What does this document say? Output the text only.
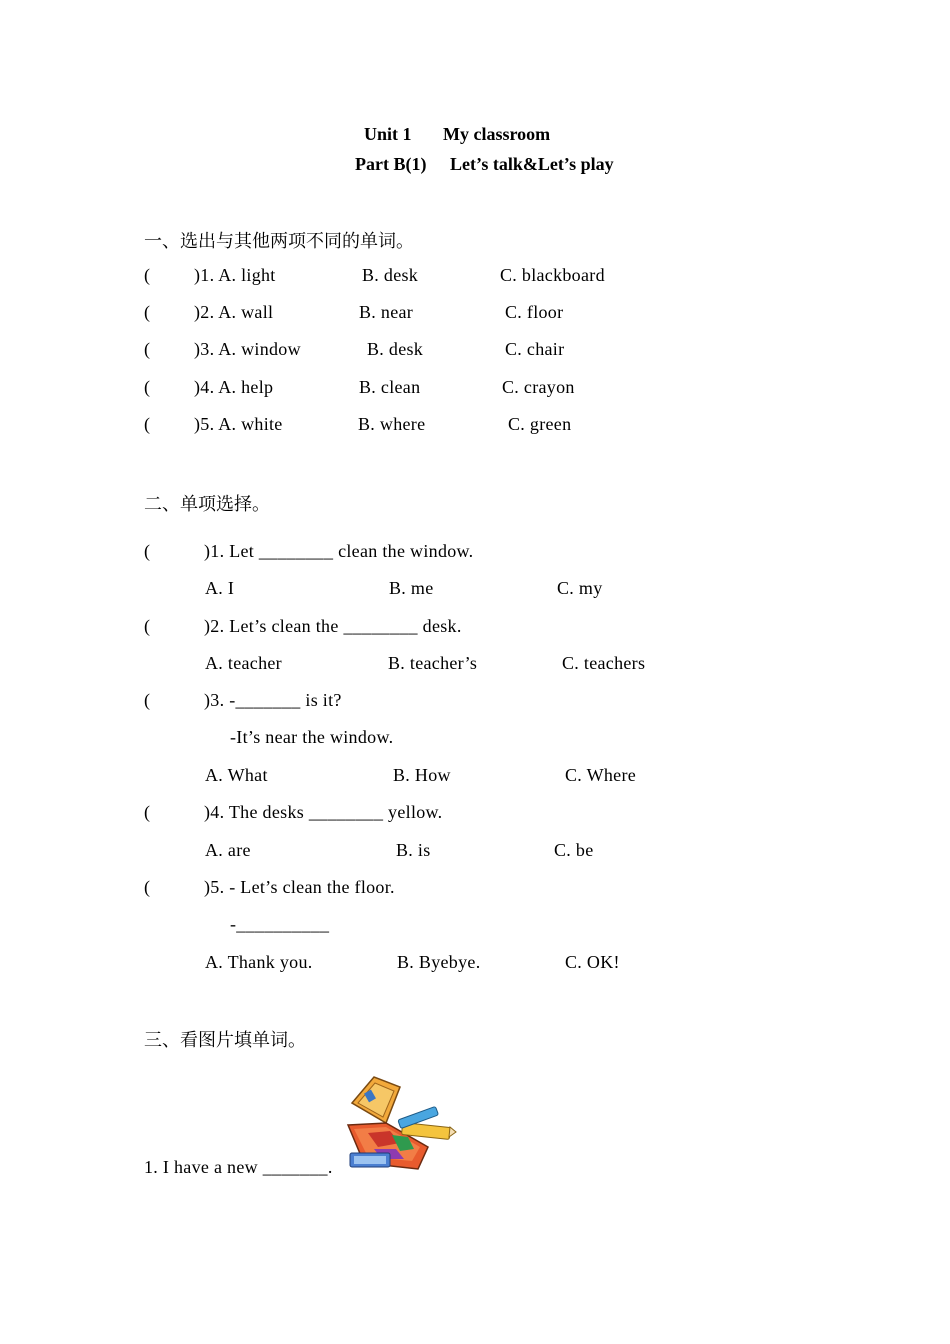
Unit 1 My classroom
Part B(1) Let’s talk&Let’s play
一、选出与其他两项不同的单词。
( )1. A. light	B. desk	C. blackboard
( )2. A. wall	B. near	C. floor
( )3. A. window	B. desk	C. chair
( )4. A. help	B. clean	C. crayon
( )5. A. white	B. where	C. green
二、单项选择。
(	)1. Let ________ clean the window.
A. I	B. me	C. my
(	)2. Let’s clean the ________ desk.
A. teacher	B. teacher’s	C. teachers
(	)3. -_______ is it?
-It’s near the window.
A. What	B. How	C. Where
(	)4. The desks ________ yellow.
A. are	B. is	C. be
(	)5. - Let’s clean the floor.
-__________
A. Thank you.	B. Byebye.	C. OK!
三、看图片填单词。
1. I have a new _______.
